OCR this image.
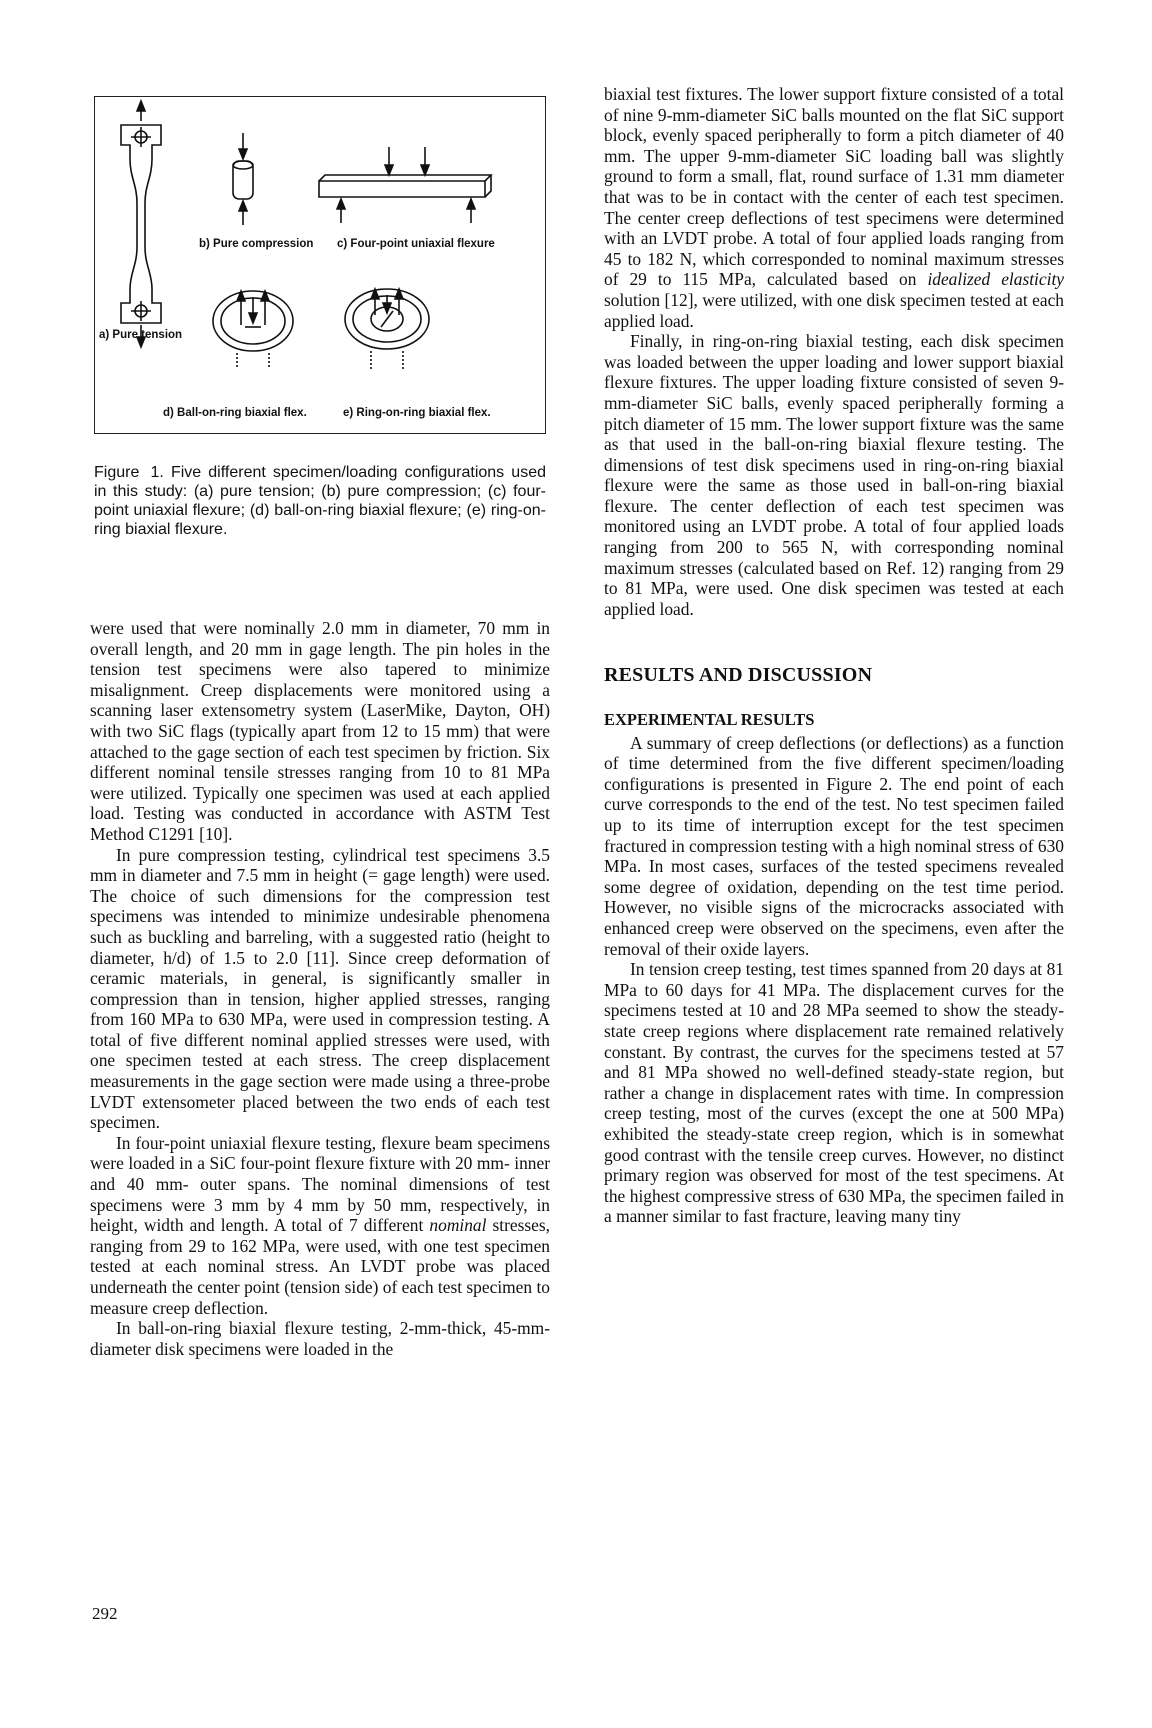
b) Pure compression c) Four-point uniaxial flexure
a) Pure tension
d) Ball-on-ring biaxial flex.	e) Ring-on-ring biaxial flex.
Figure 1. Five different specimen/loading configurations used in this study: (a) pure tension; (b) pure compression; (c) four-point uniaxial flexure; (d) ball-on-ring biaxial flexure; (e) ring-on-ring biaxial flexure.

were used that were nominally 2.0 mm in diameter, 70 mm in overall length, and 20 mm in gage length. The pin holes in the tension test specimens were also tapered to minimize misalignment. Creep displacements were monitored using a scanning laser extensometry system (LaserMike, Dayton, OH) with two SiC flags (typically apart from 12 to 15 mm) that were attached to the gage section of each test specimen by friction. Six different nominal tensile stresses ranging from 10 to 81 MPa were utilized. Typically one specimen was used at each applied load. Testing was conducted in accordance with ASTM Test Method C1291 [10].

In pure compression testing, cylindrical test specimens 3.5 mm in diameter and 7.5 mm in height (= gage length) were used. The choice of such dimensions for the compression test specimens was intended to minimize undesirable phenomena such as buckling and barreling, with a suggested ratio (height to diameter, h/d) of 1.5 to 2.0 [11]. Since creep deformation of ceramic materials, in general, is significantly smaller in compression than in tension, higher applied stresses, ranging from 160 MPa to 630 MPa, were used in compression testing. A total of five different nominal applied stresses were used, with one specimen tested at each stress. The creep displacement measurements in the gage section were made using a three-probe LVDT extensometer placed between the two ends of each test specimen.

In four-point uniaxial flexure testing, flexure beam specimens were loaded in a SiC four-point flexure fixture with 20 mm- inner and 40 mm- outer spans. The nominal dimensions of test specimens were 3 mm by 4 mm by 50 mm, respectively, in height, width and length. A total of 7 different nominal stresses, ranging from 29 to 162 MPa, were used, with one test specimen tested at each nominal stress. An LVDT probe was placed underneath the center point (tension side) of each test specimen to measure creep deflection.

In ball-on-ring biaxial flexure testing, 2-mm-thick, 45-mm-diameter disk specimens were loaded in the

biaxial test fixtures. The lower support fixture consisted of a total of nine 9-mm-diameter SiC balls mounted on the flat SiC support block, evenly spaced peripherally to form a pitch diameter of 40 mm. The upper 9-mm-diameter SiC loading ball was slightly ground to form a small, flat, round surface of 1.31 mm diameter that was to be in contact with the center of each test specimen. The center creep deflections of test specimens were determined with an LVDT probe. A total of four applied loads ranging from 45 to 182 N, which corresponded to nominal maximum stresses of 29 to 115 MPa, calculated based on idealized elasticity solution [12], were utilized, with one disk specimen tested at each applied load.

Finally, in ring-on-ring biaxial testing, each disk specimen was loaded between the upper loading and lower support biaxial flexure fixtures. The upper loading fixture consisted of seven 9-mm-diameter SiC balls, evenly spaced peripherally forming a pitch diameter of 15 mm. The lower support fixture was the same as that used in the ball-on-ring biaxial flexure testing. The dimensions of test disk specimens used in ring-on-ring biaxial flexure were the same as those used in ball-on-ring biaxial flexure. The center deflection of each test specimen was monitored using an LVDT probe. A total of four applied loads ranging from 200 to 565 N, with corresponding nominal maximum stresses (calculated based on Ref. 12) ranging from 29 to 81 MPa, were used. One disk specimen was tested at each applied load.

RESULTS AND DISCUSSION
EXPERIMENTAL RESULTS

A summary of creep deflections (or deflections) as a function of time determined from the five different specimen/loading configurations is presented in Figure 2. The end point of each curve corresponds to the end of the test. No test specimen failed up to its time of interruption except for the test specimen fractured in compression testing with a high nominal stress of 630 MPa. In most cases, surfaces of the tested specimens revealed some degree of oxidation, depending on the test time period. However, no visible signs of the microcracks associated with enhanced creep were observed on the specimens, even after the removal of their oxide layers.

In tension creep testing, test times spanned from 20 days at 81 MPa to 60 days for 41 MPa. The displacement curves for the specimens tested at 10 and 28 MPa seemed to show the steady-state creep regions where displacement rate remained relatively constant. By contrast, the curves for the specimens tested at 57 and 81 MPa showed no well-defined steady-state region, but rather a change in displacement rates with time. In compression creep testing, most of the curves (except the one at 500 MPa) exhibited the steady-state creep region, which is in somewhat good contrast with the tensile creep curves. However, no distinct primary region was observed for most of the test specimens. At the highest compressive stress of 630 MPa, the specimen failed in a manner similar to fast fracture, leaving many tiny

292
